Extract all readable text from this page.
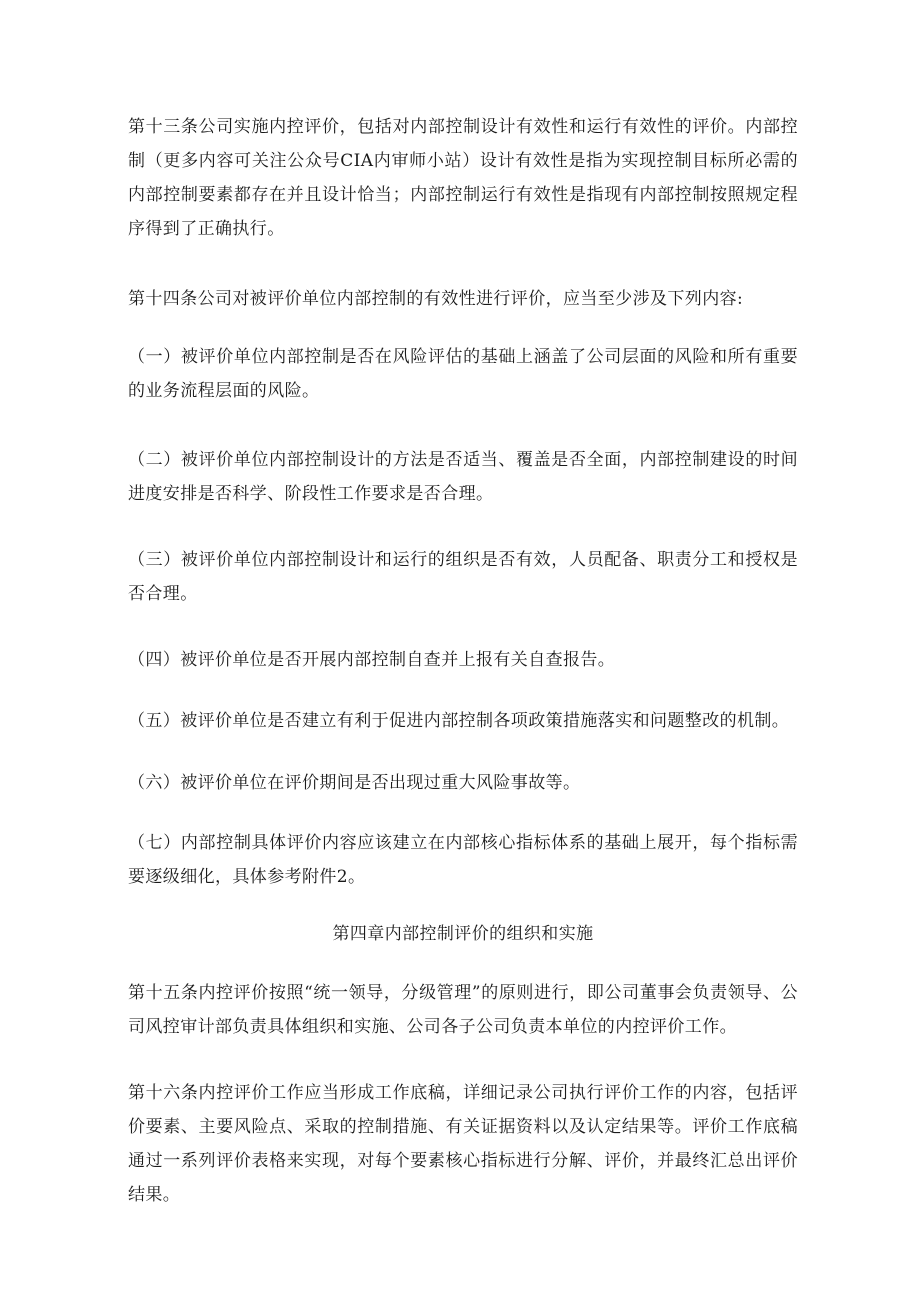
第十三条公司实施内控评价，包括对内部控制设计有效性和运行有效性的评价。内部控制（更多内容可关注公众号CIA内审师小站）设计有效性是指为实现控制目标所必需的内部控制要素都存在并且设计恰当；内部控制运行有效性是指现有内部控制按照规定程序得到了正确执行。

第十四条公司对被评价单位内部控制的有效性进行评价，应当至少涉及下列内容:

（一）被评价单位内部控制是否在风险评估的基础上涵盖了公司层面的风险和所有重要的业务流程层面的风险。

（二）被评价单位内部控制设计的方法是否适当、覆盖是否全面，内部控制建设的时间进度安排是否科学、阶段性工作要求是否合理。

（三）被评价单位内部控制设计和运行的组织是否有效，人员配备、职责分工和授权是否合理。

（四）被评价单位是否开展内部控制自查并上报有关自查报告。

（五）被评价单位是否建立有利于促进内部控制各项政策措施落实和问题整改的机制。

（六）被评价单位在评价期间是否出现过重大风险事故等。

（七）内部控制具体评价内容应该建立在内部核心指标体系的基础上展开，每个指标需要逐级细化，具体参考附件2。

第四章内部控制评价的组织和实施

第十五条内控评价按照“统一领导，分级管理”的原则进行，即公司董事会负责领导、公司风控审计部负责具体组织和实施、公司各子公司负责本单位的内控评价工作。

第十六条内控评价工作应当形成工作底稿，详细记录公司执行评价工作的内容，包括评价要素、主要风险点、采取的控制措施、有关证据资料以及认定结果等。评价工作底稿通过一系列评价表格来实现，对每个要素核心指标进行分解、评价，并最终汇总出评价结果。
